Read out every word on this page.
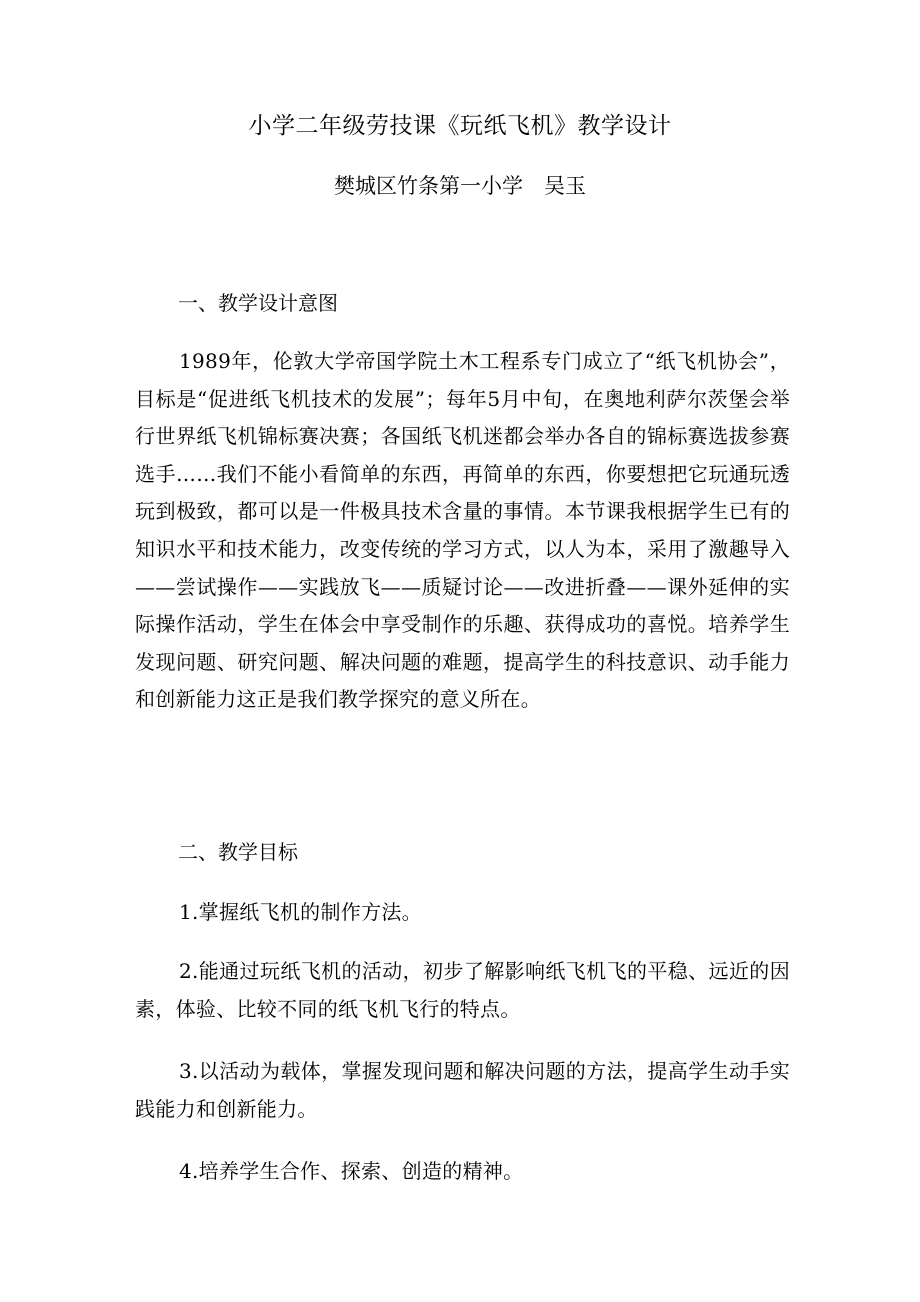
小学二年级劳技课《玩纸飞机》教学设计
樊城区竹条第一小学　吴玉
一、教学设计意图
1989年，伦敦大学帝国学院土木工程系专门成立了“纸飞机协会”，目标是“促进纸飞机技术的发展”；每年5月中旬，在奥地利萨尔茨堡会举行世界纸飞机锦标赛决赛；各国纸飞机迷都会举办各自的锦标赛选拔参赛选手……我们不能小看简单的东西，再简单的东西，你要想把它玩通玩透玩到极致，都可以是一件极具技术含量的事情。本节课我根据学生已有的知识水平和技术能力，改变传统的学习方式，以人为本，采用了激趣导入——尝试操作——实践放飞——质疑讨论——改进折叠——课外延伸的实际操作活动，学生在体会中享受制作的乐趣、获得成功的喜悦。培养学生发现问题、研究问题、解决问题的难题，提高学生的科技意识、动手能力和创新能力这正是我们教学探究的意义所在。
二、教学目标
1.掌握纸飞机的制作方法。
2.能通过玩纸飞机的活动，初步了解影响纸飞机飞的平稳、远近的因素，体验、比较不同的纸飞机飞行的特点。
3.以活动为载体，掌握发现问题和解决问题的方法，提高学生动手实践能力和创新能力。
4.培养学生合作、探索、创造的精神。
